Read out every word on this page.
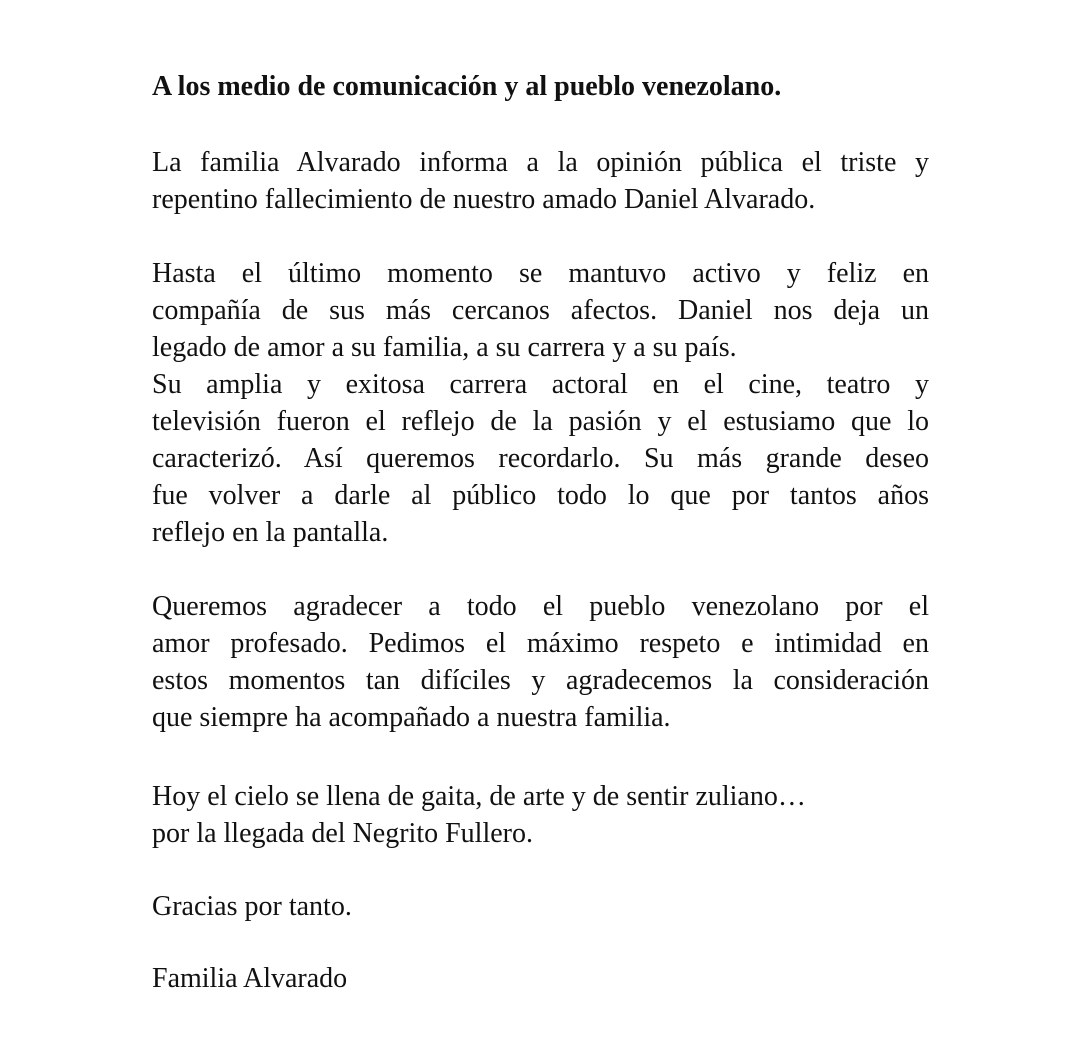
A los medio de comunicación y al pueblo venezolano.

La familia Alvarado informa a la opinión pública el triste y
repentino fallecimiento de nuestro amado Daniel Alvarado.

Hasta el último momento se mantuvo activo y feliz en
compañía de sus más cercanos afectos. Daniel nos deja un
legado de amor a su familia, a su carrera y a su país.
Su amplia y exitosa carrera actoral en el cine, teatro y
televisión fueron el reflejo de la pasión y el estusiamo que lo
caracterizó. Así queremos recordarlo. Su más grande deseo
fue volver a darle al público todo lo que por tantos años
reflejo en la pantalla.

Queremos agradecer a todo el pueblo venezolano por el
amor profesado. Pedimos el máximo respeto e intimidad en
estos momentos tan difíciles y agradecemos la consideración
que siempre ha acompañado a nuestra familia.

Hoy el cielo se llena de gaita, de arte y de sentir zuliano…
por la llegada del Negrito Fullero.

Gracias por tanto.

Familia Alvarado
